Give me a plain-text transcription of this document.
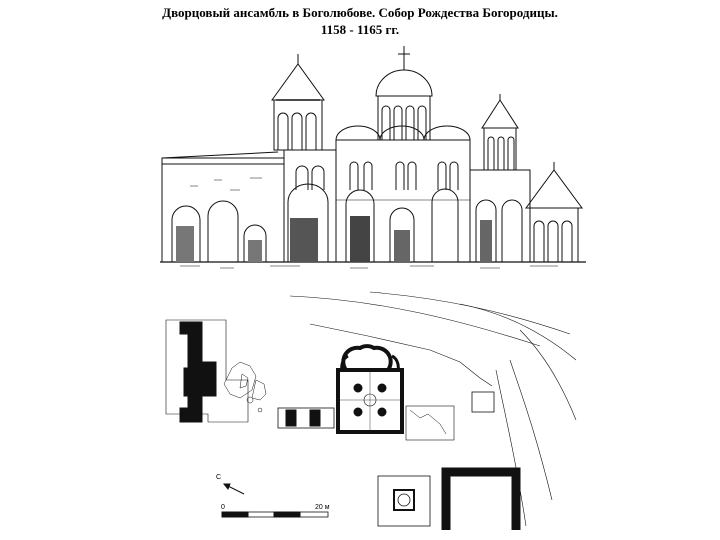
Дворцовый ансамбль в Боголюбове. Собор Рождества Богородицы.
1158 - 1165 гг.
С
0	20 м
